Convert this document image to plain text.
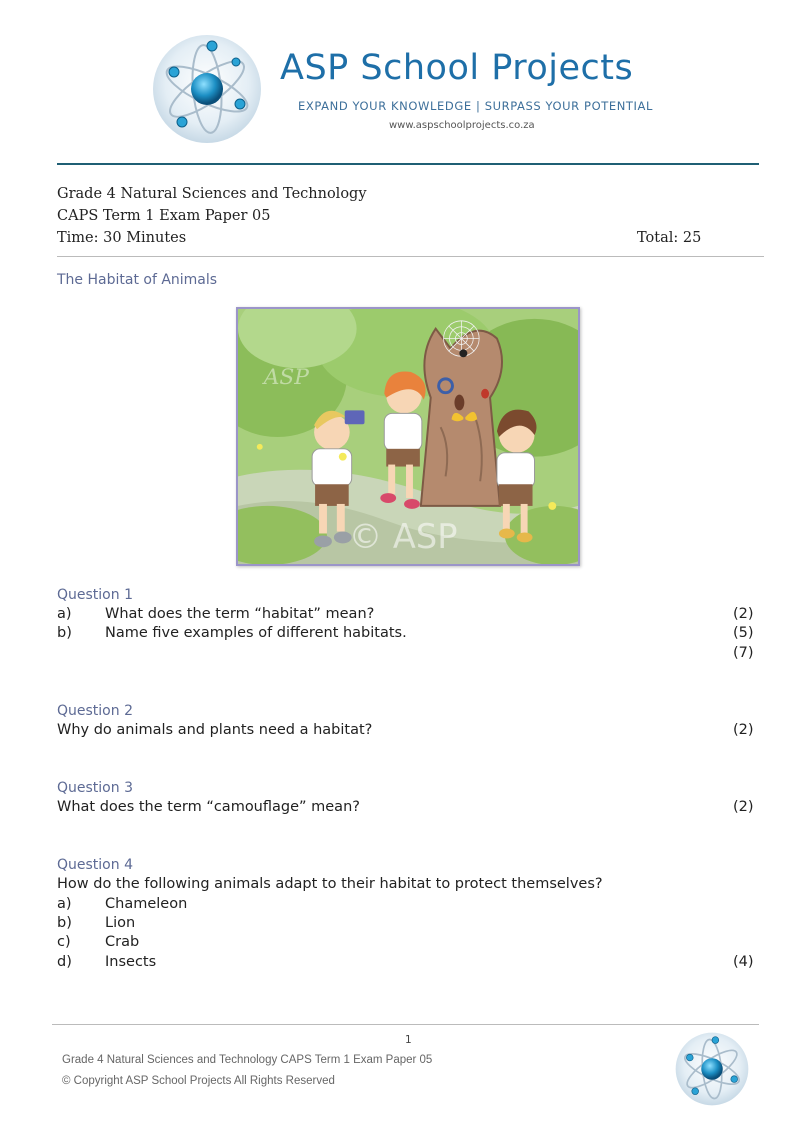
ASP School Projects
EXPAND YOUR KNOWLEDGE | SURPASS YOUR POTENTIAL
www.aspschoolprojects.co.za
Grade 4 Natural Sciences and Technology
CAPS Term 1 Exam Paper 05
Time: 30 Minutes	Total: 25
The Habitat of Animals
ASP
© ASP
Question 1
a) What does the term “habitat” mean?	(2)
b) Name five examples of different habitats.	(5)
(7)
Question 2
Why do animals and plants need a habitat?	(2)
Question 3
What does the term “camouflage” mean?	(2)
Question 4
How do the following animals adapt to their habitat to protect themselves?
a) Chameleon
b) Lion
c) Crab
d) Insects	(4)
1
Grade 4 Natural Sciences and Technology CAPS Term 1 Exam Paper 05
© Copyright ASP School Projects All Rights Reserved
